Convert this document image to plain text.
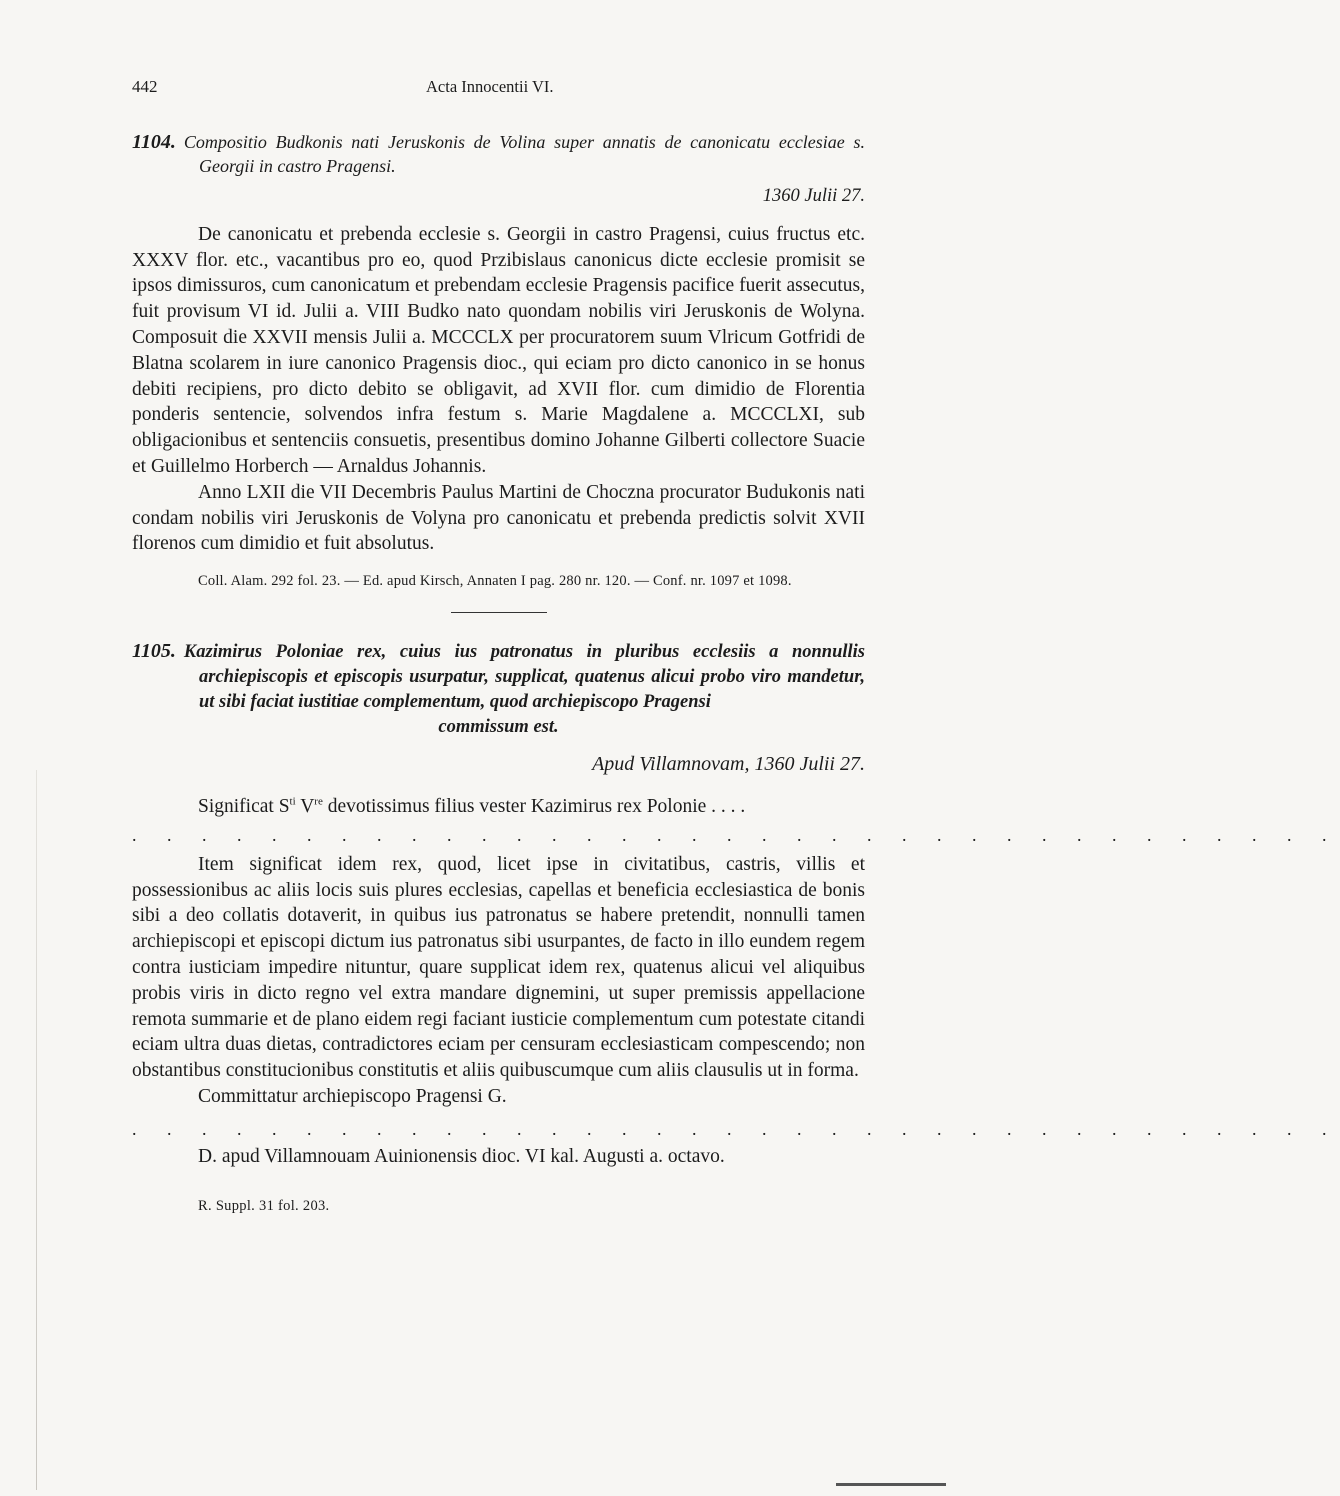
442	Acta Innocentii VI.
1104. Compositio Budkonis nati Jeruskonis de Volina super annatis de canonicatu ecclesiae s. Georgii in castro Pragensi.
1360 Julii 27.

De canonicatu et prebenda ecclesie s. Georgii in castro Pragensi, cuius fructus etc. XXXV flor. etc., vacantibus pro eo, quod Przibislaus canonicus dicte ecclesie promisit se ipsos dimissuros, cum canonicatum et prebendam ecclesie Pragensis pacifice fuerit assecutus, fuit provisum VI id. Julii a. VIII Budko nato quondam nobilis viri Jeruskonis de Wolyna. Composuit die XXVII mensis Julii a. MCCCLX per procuratorem suum Vlricum Gotfridi de Blatna scolarem in iure canonico Pragensis dioc., qui eciam pro dicto canonico in se honus debiti recipiens, pro dicto debito se obligavit, ad XVII flor. cum dimidio de Florentia ponderis sentencie, solvendos infra festum s. Marie Magdalene a. MCCCLXI, sub obligacionibus et sentenciis consuetis, presentibus domino Johanne Gilberti collectore Suacie et Guillelmo Horberch — Arnaldus Johannis.

Anno LXII die VII Decembris Paulus Martini de Choczna procurator Budukonis nati condam nobilis viri Jeruskonis de Volyna pro canonicatu et prebenda predictis solvit XVII florenos cum dimidio et fuit absolutus.

Coll. Alam. 292 fol. 23. — Ed. apud Kirsch, Annaten I pag. 280 nr. 120. — Conf. nr. 1097 et 1098.
1105. Kazimirus Poloniae rex, cuius ius patronatus in pluribus ecclesiis a nonnullis archiepiscopis et episcopis usurpatur, supplicat, quatenus alicui probo viro mandetur, ut sibi faciat iustitiae complementum, quod archiepiscopo Pragensi
commissum est.
Apud Villamnovam, 1360 Julii 27.

Significat $S^{ti}$ Vre devotissimus filius vester Kazimirus rex Polonie . . . .

. . . . . . . . . . . . . . . . . . . . . . . . . . . . . . . . . . .

Item significat idem rex, quod, licet ipse in civitatibus, castris, villis et possessionibus ac aliis locis suis plures ecclesias, capellas et beneficia ecclesiastica de bonis sibi a deo collatis dotaverit, in quibus ius patronatus se habere pretendit, nonnulli tamen archiepiscopi et episcopi dictum ius patronatus sibi usurpantes, de facto in illo eundem regem contra iusticiam impedire nituntur, quare supplicat idem rex, quatenus alicui vel aliquibus probis viris in dicto regno vel extra mandare dignemini, ut super premissis appellacione remota summarie et de plano eidem regi faciant iusticie complementum cum potestate citandi eciam ultra duas dietas, contradictores eciam per censuram ecclesiasticam compescendo; non obstantibus constitucionibus constitutis et aliis quibuscumque cum aliis clausulis ut in forma.

Committatur archiepiscopo Pragensi G.

. . . . . . . . . . . . . . . . . . . . . . . . . . . . . . . . . . .

D. apud Villamnouam Auinionensis dioc. VI kal. Augusti a. octavo.

R. Suppl. 31 fol. 203.
